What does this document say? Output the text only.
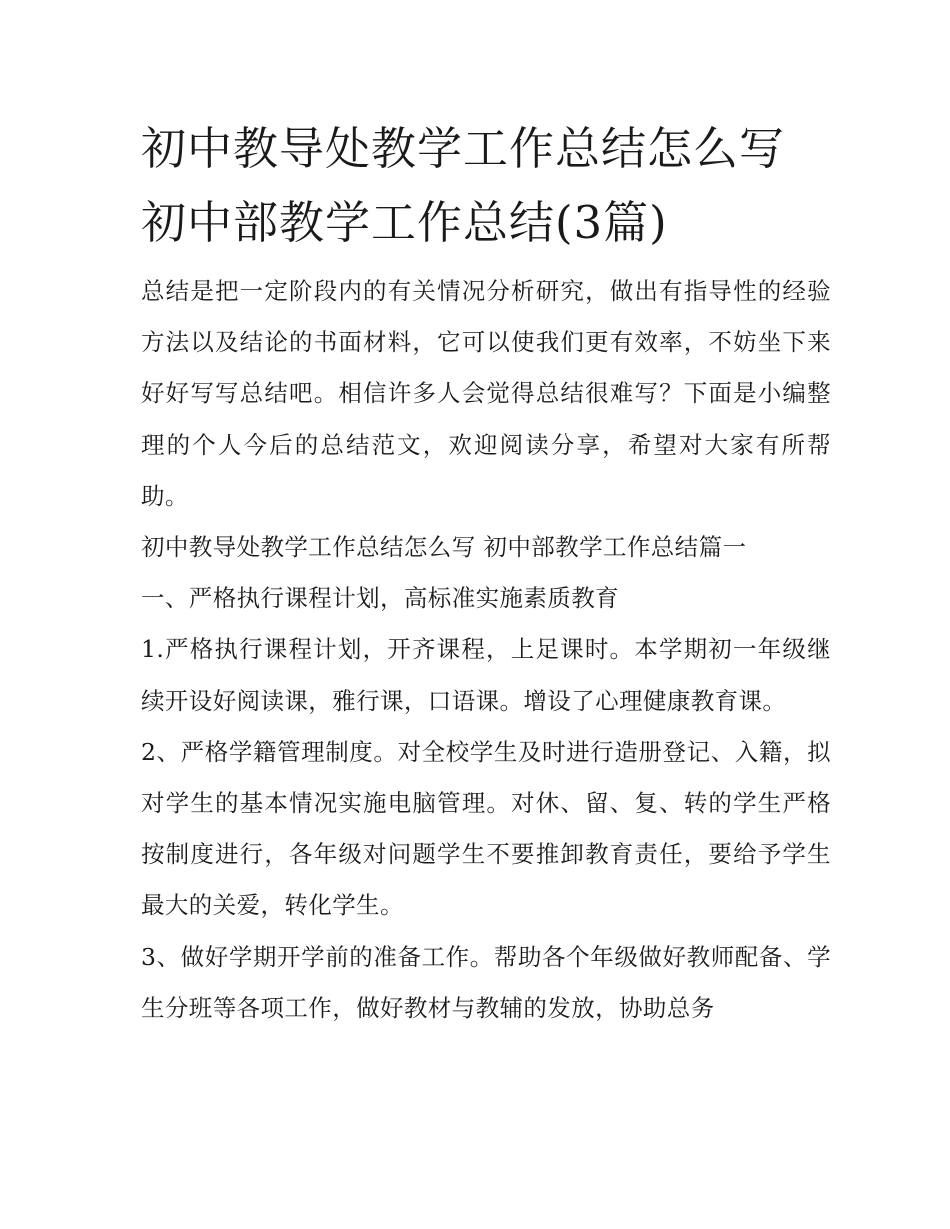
初中教导处教学工作总结怎么写 初中部教学工作总结(3篇)

总结是把一定阶段内的有关情况分析研究，做出有指导性的经验方法以及结论的书面材料，它可以使我们更有效率，不妨坐下来好好写写总结吧。相信许多人会觉得总结很难写？下面是小编整理的个人今后的总结范文，欢迎阅读分享，希望对大家有所帮助。

初中教导处教学工作总结怎么写 初中部教学工作总结篇一

一、严格执行课程计划，高标准实施素质教育

1.严格执行课程计划，开齐课程，上足课时。本学期初一年级继续开设好阅读课，雅行课，口语课。增设了心理健康教育课。

2、严格学籍管理制度。对全校学生及时进行造册登记、入籍，拟对学生的基本情况实施电脑管理。对休、留、复、转的学生严格按制度进行，各年级对问题学生不要推卸教育责任，要给予学生最大的关爱，转化学生。

3、做好学期开学前的准备工作。帮助各个年级做好教师配备、学生分班等各项工作，做好教材与教辅的发放，协助总务
